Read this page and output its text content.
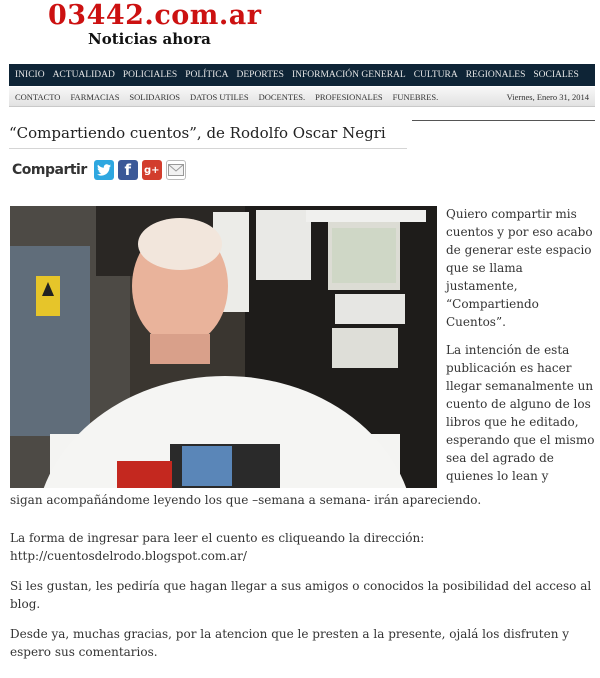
03442.com.ar
Noticias ahora
INICIO ACTUALIDAD POLICIALES POLÍTICA DEPORTES INFORMACIÓN GENERAL CULTURA REGIONALES SOCIALES
CONTACTO	FARMACIAS	SOLIDARIOS	DATOS UTILES	DOCENTES.	PROFESIONALES	FUNEBRES.	Viernes, Enero 31, 2014
“Compartiendo cuentos”, de Rodolfo Oscar Negri
Compartir	f	g+

Quiero compartir mis cuentos y por eso acabo de generar este espacio que se llama justamente, “Compartiendo Cuentos”.

La intención de esta publicación es hacer llegar semanalmente un cuento de alguno de los libros que he editado, esperando que el mismo sea del agrado de quienes lo lean y

sigan acompañándome leyendo los que –semana a semana- irán apareciendo.

La forma de ingresar para leer el cuento es cliqueando la dirección: http://cuentosdelrodo.blogspot.com.ar/

Si les gustan, les pediría que hagan llegar a sus amigos o conocidos la posibilidad del acceso al blog.

Desde ya, muchas gracias, por la atencion que le presten a la presente, ojalá los disfruten y espero sus comentarios.
